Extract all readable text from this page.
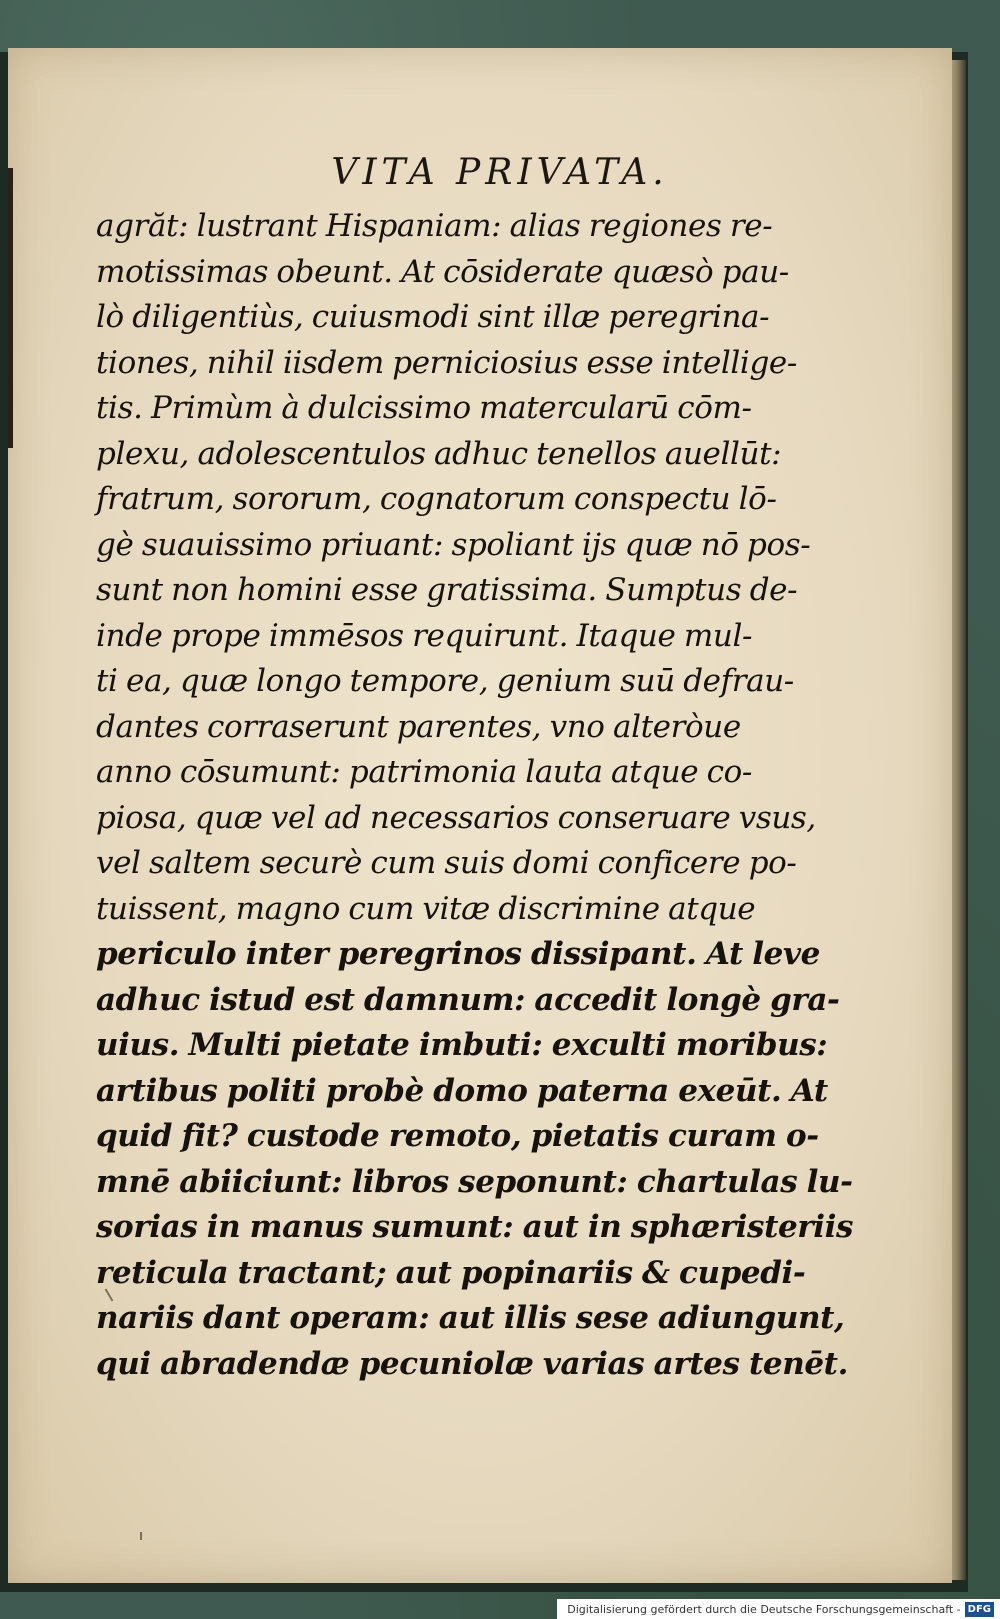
VITA PRIVATA.
agrăt: lustrant Hispaniam: alias regiones re-
motissimas obeunt. At cōsiderate quæsò pau-
lò diligentiùs, cuiusmodi sint illæ peregrina-
tiones, nihil iisdem perniciosius esse intellige-
tis. Primùm à dulcissimo matercularū cōm-
plexu, adolescentulos adhuc tenellos auellūt:
fratrum, sororum, cognatorum conspectu lō-
gè suauissimo priuant: spoliant ijs quæ nō pos-
sunt non homini esse gratissima. Sumptus de-
inde prope immēsos requirunt. Itaque mul-
ti ea, quæ longo tempore, genium suū defrau-
dantes corraserunt parentes, vno alteròue
anno cōsumunt: patrimonia lauta atque co-
piosa, quæ vel ad necessarios conseruare vsus,
vel saltem securè cum suis domi conficere po-
tuissent, magno cum vitæ discrimine atque
periculo inter peregrinos dissipant. At leve
adhuc istud est damnum: accedit longè gra-
uius. Multi pietate imbuti: exculti moribus:
artibus politi probè domo paterna exeūt. At
quid fit? custode remoto, pietatis curam o-
mnē abiiciunt: libros seponunt: chartulas lu-
sorias in manus sumunt: aut in sphæristeriis
reticula tractant; aut popinariis & cupedi-
nariis dant operam: aut illis sese adiungunt,
qui abradendæ pecuniolæ varias artes tenēt.
Digitalisierung gefördert durch die Deutsche Forschungsgemeinschaft - DFG
